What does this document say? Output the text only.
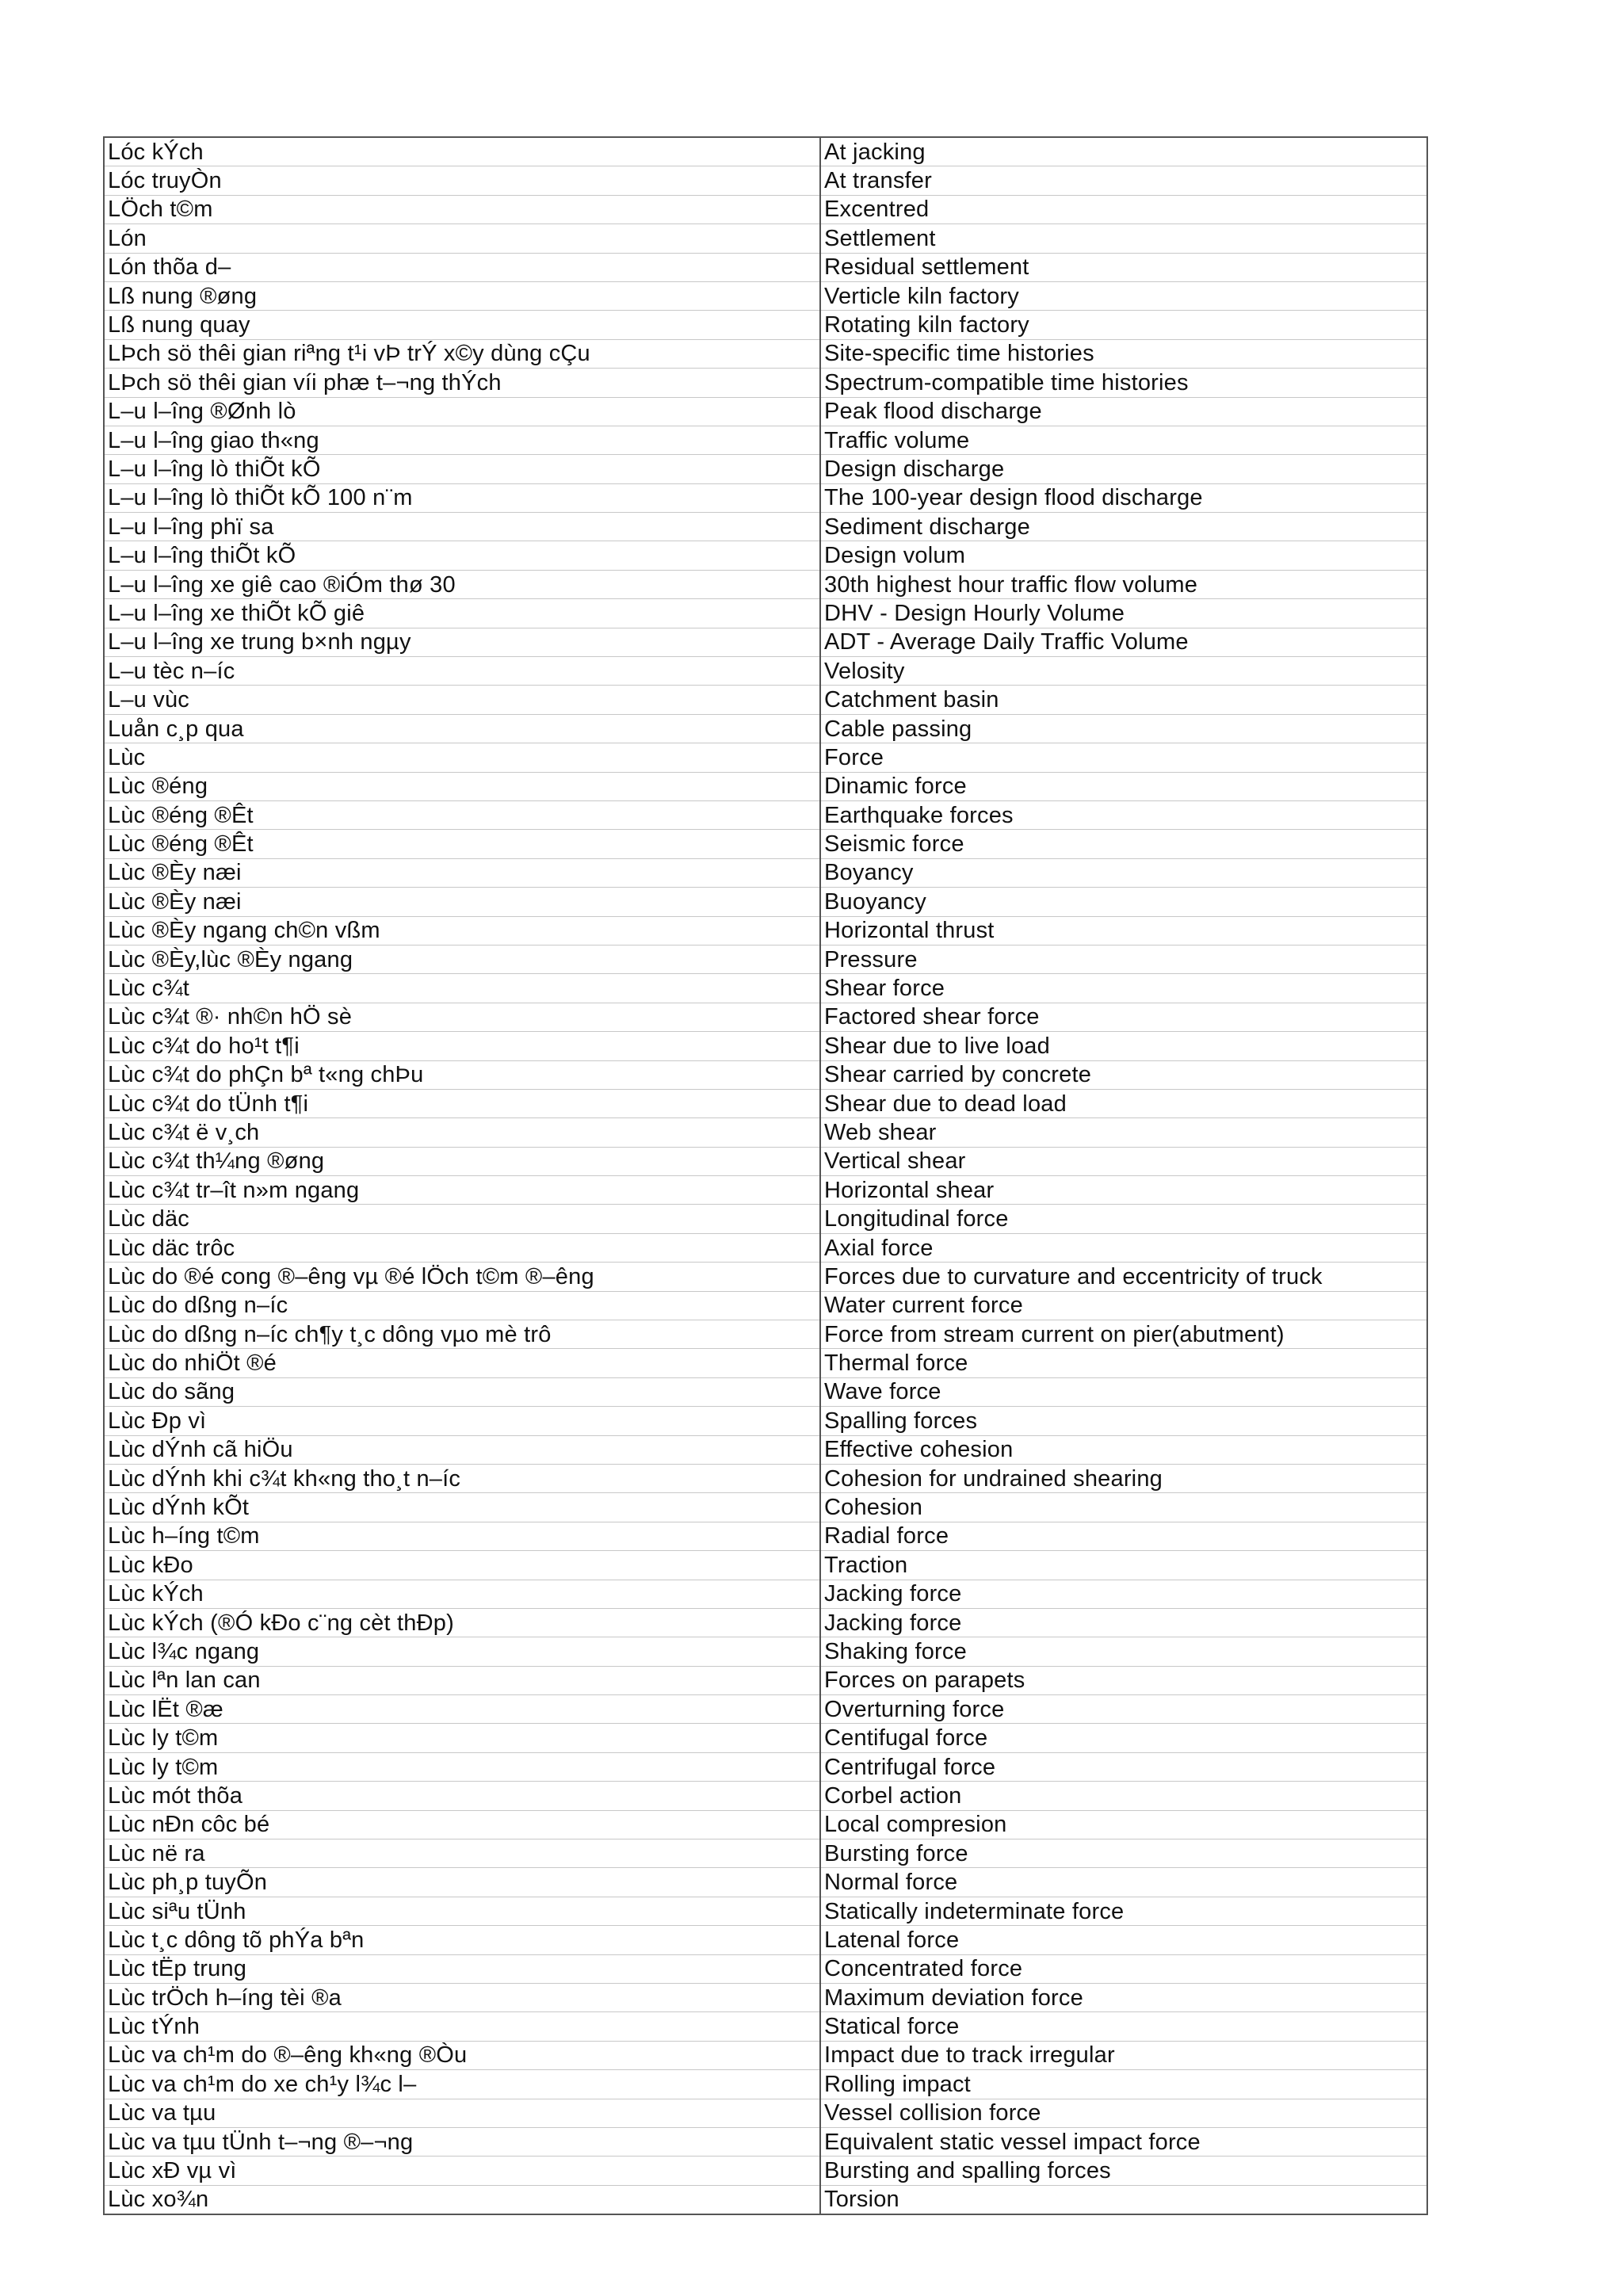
Lóc kÝch	At jacking
Lóc truyÒn	At transfer
LÖch t©m	Excentred
Lón	Settlement
Lón thõa d–	Residual settlement
Lß nung ®øng	Verticle kiln factory
Lß nung quay	Rotating kiln factory
LÞch sö thêi gian riªng t¹i vÞ trÝ x©y dùng cÇu	Site-specific time histories
LÞch sö thêi gian víi phæ t–¬ng thÝch	Spectrum-compatible time histories
L–u l–îng ®Ønh lò	Peak flood discharge
L–u l–îng giao th«ng	Traffic volume
L–u l–îng lò thiÕt kÕ	Design discharge
L–u l–îng lò thiÕt kÕ 100 n¨m	The 100-year design flood discharge
L–u l–îng phï sa	Sediment discharge
L–u l–îng thiÕt kÕ	Design volum
L–u l–îng xe giê cao ®iÓm thø 30	30th highest hour traffic flow volume
L–u l–îng xe thiÕt kÕ giê	DHV - Design Hourly Volume
L–u l–îng xe trung b×nh ngµy	ADT - Average Daily Traffic Volume
L–u tèc n–íc	Velosity
L–u vùc	Catchment basin
Luån c¸p qua	Cable passing
Lùc	Force
Lùc ®éng	Dinamic force
Lùc ®éng ®Êt	Earthquake forces
Lùc ®éng ®Êt	Seismic force
Lùc ®Èy næi	Boyancy
Lùc ®Èy næi	Buoyancy
Lùc ®Èy ngang ch©n vßm	Horizontal thrust
Lùc ®Èy,lùc ®Èy ngang	Pressure
Lùc c¾t	Shear force
Lùc c¾t ®· nh©n hÖ sè	Factored shear force
Lùc c¾t do ho¹t t¶i	Shear due to live load
Lùc c¾t do phÇn bª t«ng chÞu	Shear carried by concrete
Lùc c¾t do tÜnh t¶i	Shear due to dead load
Lùc c¾t ë v¸ch	Web shear
Lùc c¾t th¼ng ®øng	Vertical shear
Lùc c¾t tr–ît n»m ngang	Horizontal shear
Lùc däc	Longitudinal force
Lùc däc trôc	Axial force
Lùc do ®é cong ®–êng vµ ®é lÖch t©m ®–êng	Forces due to curvature and eccentricity of truck
Lùc do dßng n–íc	Water current force
Lùc do dßng n–íc ch¶y t¸c dông vµo mè trô	Force from stream current on pier(abutment)
Lùc do nhiÖt ®é	Thermal force
Lùc do sãng	Wave force
Lùc Ðp vì	Spalling forces
Lùc dÝnh cã hiÖu	Effective cohesion
Lùc dÝnh khi c¾t kh«ng tho¸t n–íc	Cohesion for undrained shearing
Lùc dÝnh kÕt	Cohesion
Lùc h–íng t©m	Radial force
Lùc kÐo	Traction
Lùc kÝch	Jacking force
Lùc kÝch (®Ó kÐo c¨ng cèt thÐp)	Jacking force
Lùc l¾c ngang	Shaking force
Lùc lªn lan can	Forces on parapets
Lùc lËt ®æ	Overturning force
Lùc ly t©m	Centifugal force
Lùc ly t©m	Centrifugal force
Lùc mót thõa	Corbel action
Lùc nÐn côc bé	Local compresion
Lùc në ra	Bursting force
Lùc ph¸p tuyÕn	Normal force
Lùc siªu tÜnh	Statically indeterminate force
Lùc t¸c dông tõ phÝa bªn	Latenal force
Lùc tËp trung	Concentrated force
Lùc trÖch h–íng tèi ®a	Maximum deviation force
Lùc tÝnh	Statical force
Lùc va ch¹m do ®–êng kh«ng ®Òu	Impact due to track irregular
Lùc va ch¹m do xe ch¹y l¾c l–	Rolling impact
Lùc va tµu	Vessel collision force
Lùc va tµu tÜnh t–¬ng ®–¬ng	Equivalent static vessel impact force
Lùc xÐ vµ vì	Bursting and spalling forces
Lùc xo¾n	Torsion
